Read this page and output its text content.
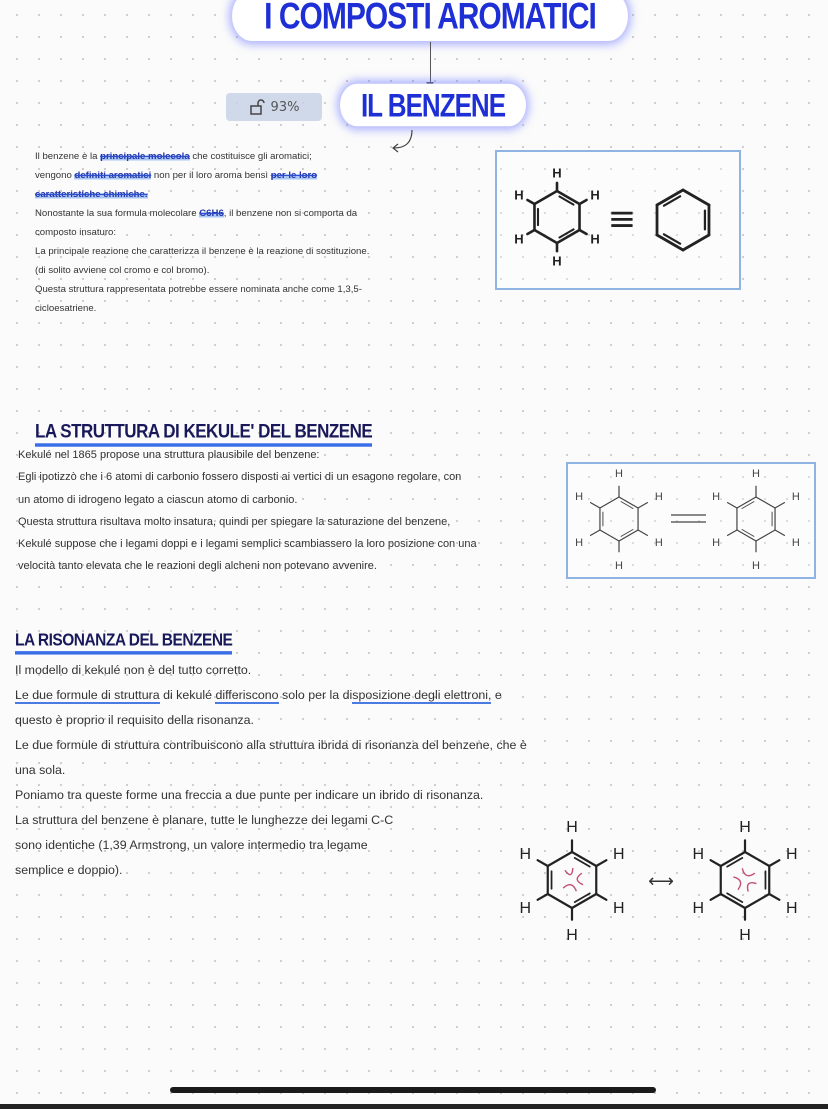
I COMPOSTI AROMATICI
IL BENZENE
93%
Il benzene è la principale molecola che costituisce gli aromatici;
vengono definiti aromatici non per il loro aroma bensì per le loro
caratteristiche chimiche.
Nonostante la sua formula molecolare C6H6, il benzene non si comporta da
composto insaturo:
La principale reazione che caratterizza il benzene è la reazione di sostituzione.
(di solito avviene col cromo e col bromo).
Questa struttura rappresentata potrebbe essere nominata anche come 1,3,5-
cicloesatriene.
H
H
H
H
H
H
≡
LA STRUTTURA DI KEKULE' DEL BENZENE
Kekulé nel 1865 propose una struttura plausibile del benzene:
Egli ipotizzò che i 6 atomi di carbonio fossero disposti ai vertici di un esagono regolare, con
un atomo di idrogeno legato a ciascun atomo di carbonio.
Questa struttura risultava molto insatura, quindi per spiegare la saturazione del benzene,
Kekulé suppose che i legami doppi e i legami semplici scambiassero la loro posizione con una
velocità tanto elevata che le reazioni degli alcheni non potevano avvenire.
H
H
H
H
H
H
H
H
H
H
H
H
LA RISONANZA DEL BENZENE
Il modello di kekulé non è del tutto corretto.
Le due formule di struttura di kekulé differiscono solo per la disposizione degli elettroni, e
questo è proprio il requisito della risonanza.
Le due formule di struttura contribuiscono alla struttura ibrida di risonanza del benzene, che è
una sola.
Poniamo tra queste forme una freccia a due punte per indicare un ibrido di risonanza.
La struttura del benzene è planare, tutte le lunghezze dei legami C-C
sono identiche (1,39 Armstrong, un valore intermedio tra legame
semplice e doppio).
H
H
H
H
H
H
⟷
H
H
H
H
H
H
